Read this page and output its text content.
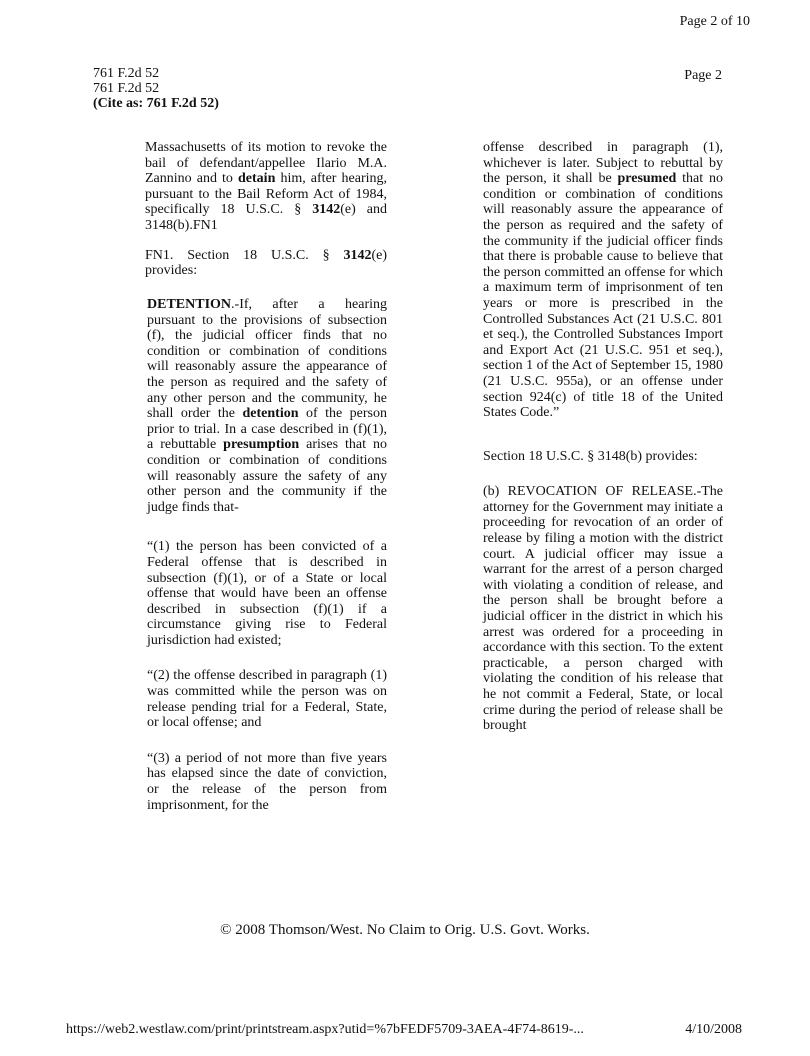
Page 2 of 10
761 F.2d 52
761 F.2d 52
(Cite as: 761 F.2d 52)
Page 2

Massachusetts of its motion to revoke the bail of defendant/appellee Ilario M.A. Zannino and to detain him, after hearing, pursuant to the Bail Reform Act of 1984, specifically 18 U.S.C. § 3142(e) and 3148(b).FN1

FN1. Section 18 U.S.C. § 3142(e) provides:

DETENTION.-If, after a hearing pursuant to the provisions of subsection (f), the judicial officer finds that no condition or combination of conditions will reasonably assure the appearance of the person as required and the safety of any other person and the community, he shall order the detention of the person prior to trial. In a case described in (f)(1), a rebuttable presumption arises that no condition or combination of conditions will reasonably assure the safety of any other person and the community if the judge finds that-

“(1) the person has been convicted of a Federal offense that is described in subsection (f)(1), or of a State or local offense that would have been an offense described in subsection (f)(1) if a circumstance giving rise to Federal jurisdiction had existed;

“(2) the offense described in paragraph (1) was committed while the person was on release pending trial for a Federal, State, or local offense; and

“(3) a period of not more than five years has elapsed since the date of conviction, or the release of the person from imprisonment, for the

offense described in paragraph (1), whichever is later. Subject to rebuttal by the person, it shall be presumed that no condition or combination of conditions will reasonably assure the appearance of the person as required and the safety of the community if the judicial officer finds that there is probable cause to believe that the person committed an offense for which a maximum term of imprisonment of ten years or more is prescribed in the Controlled Substances Act (21 U.S.C. 801 et seq.), the Controlled Substances Import and Export Act (21 U.S.C. 951 et seq.), section 1 of the Act of September 15, 1980 (21 U.S.C. 955a), or an offense under section 924(c) of title 18 of the United States Code.”

Section 18 U.S.C. § 3148(b) provides:

(b) REVOCATION OF RELEASE.-The attorney for the Government may initiate a proceeding for revocation of an order of release by filing a motion with the district court. A judicial officer may issue a warrant for the arrest of a person charged with violating a condition of release, and the person shall be brought before a judicial officer in the district in which his arrest was ordered for a proceeding in accordance with this section. To the extent practicable, a person charged with violating the condition of his release that he not commit a Federal, State, or local crime during the period of release shall be brought

© 2008 Thomson/West. No Claim to Orig. U.S. Govt. Works.
https://web2.westlaw.com/print/printstream.aspx?utid=%7bFEDF5709-3AEA-4F74-8619-...	4/10/2008
